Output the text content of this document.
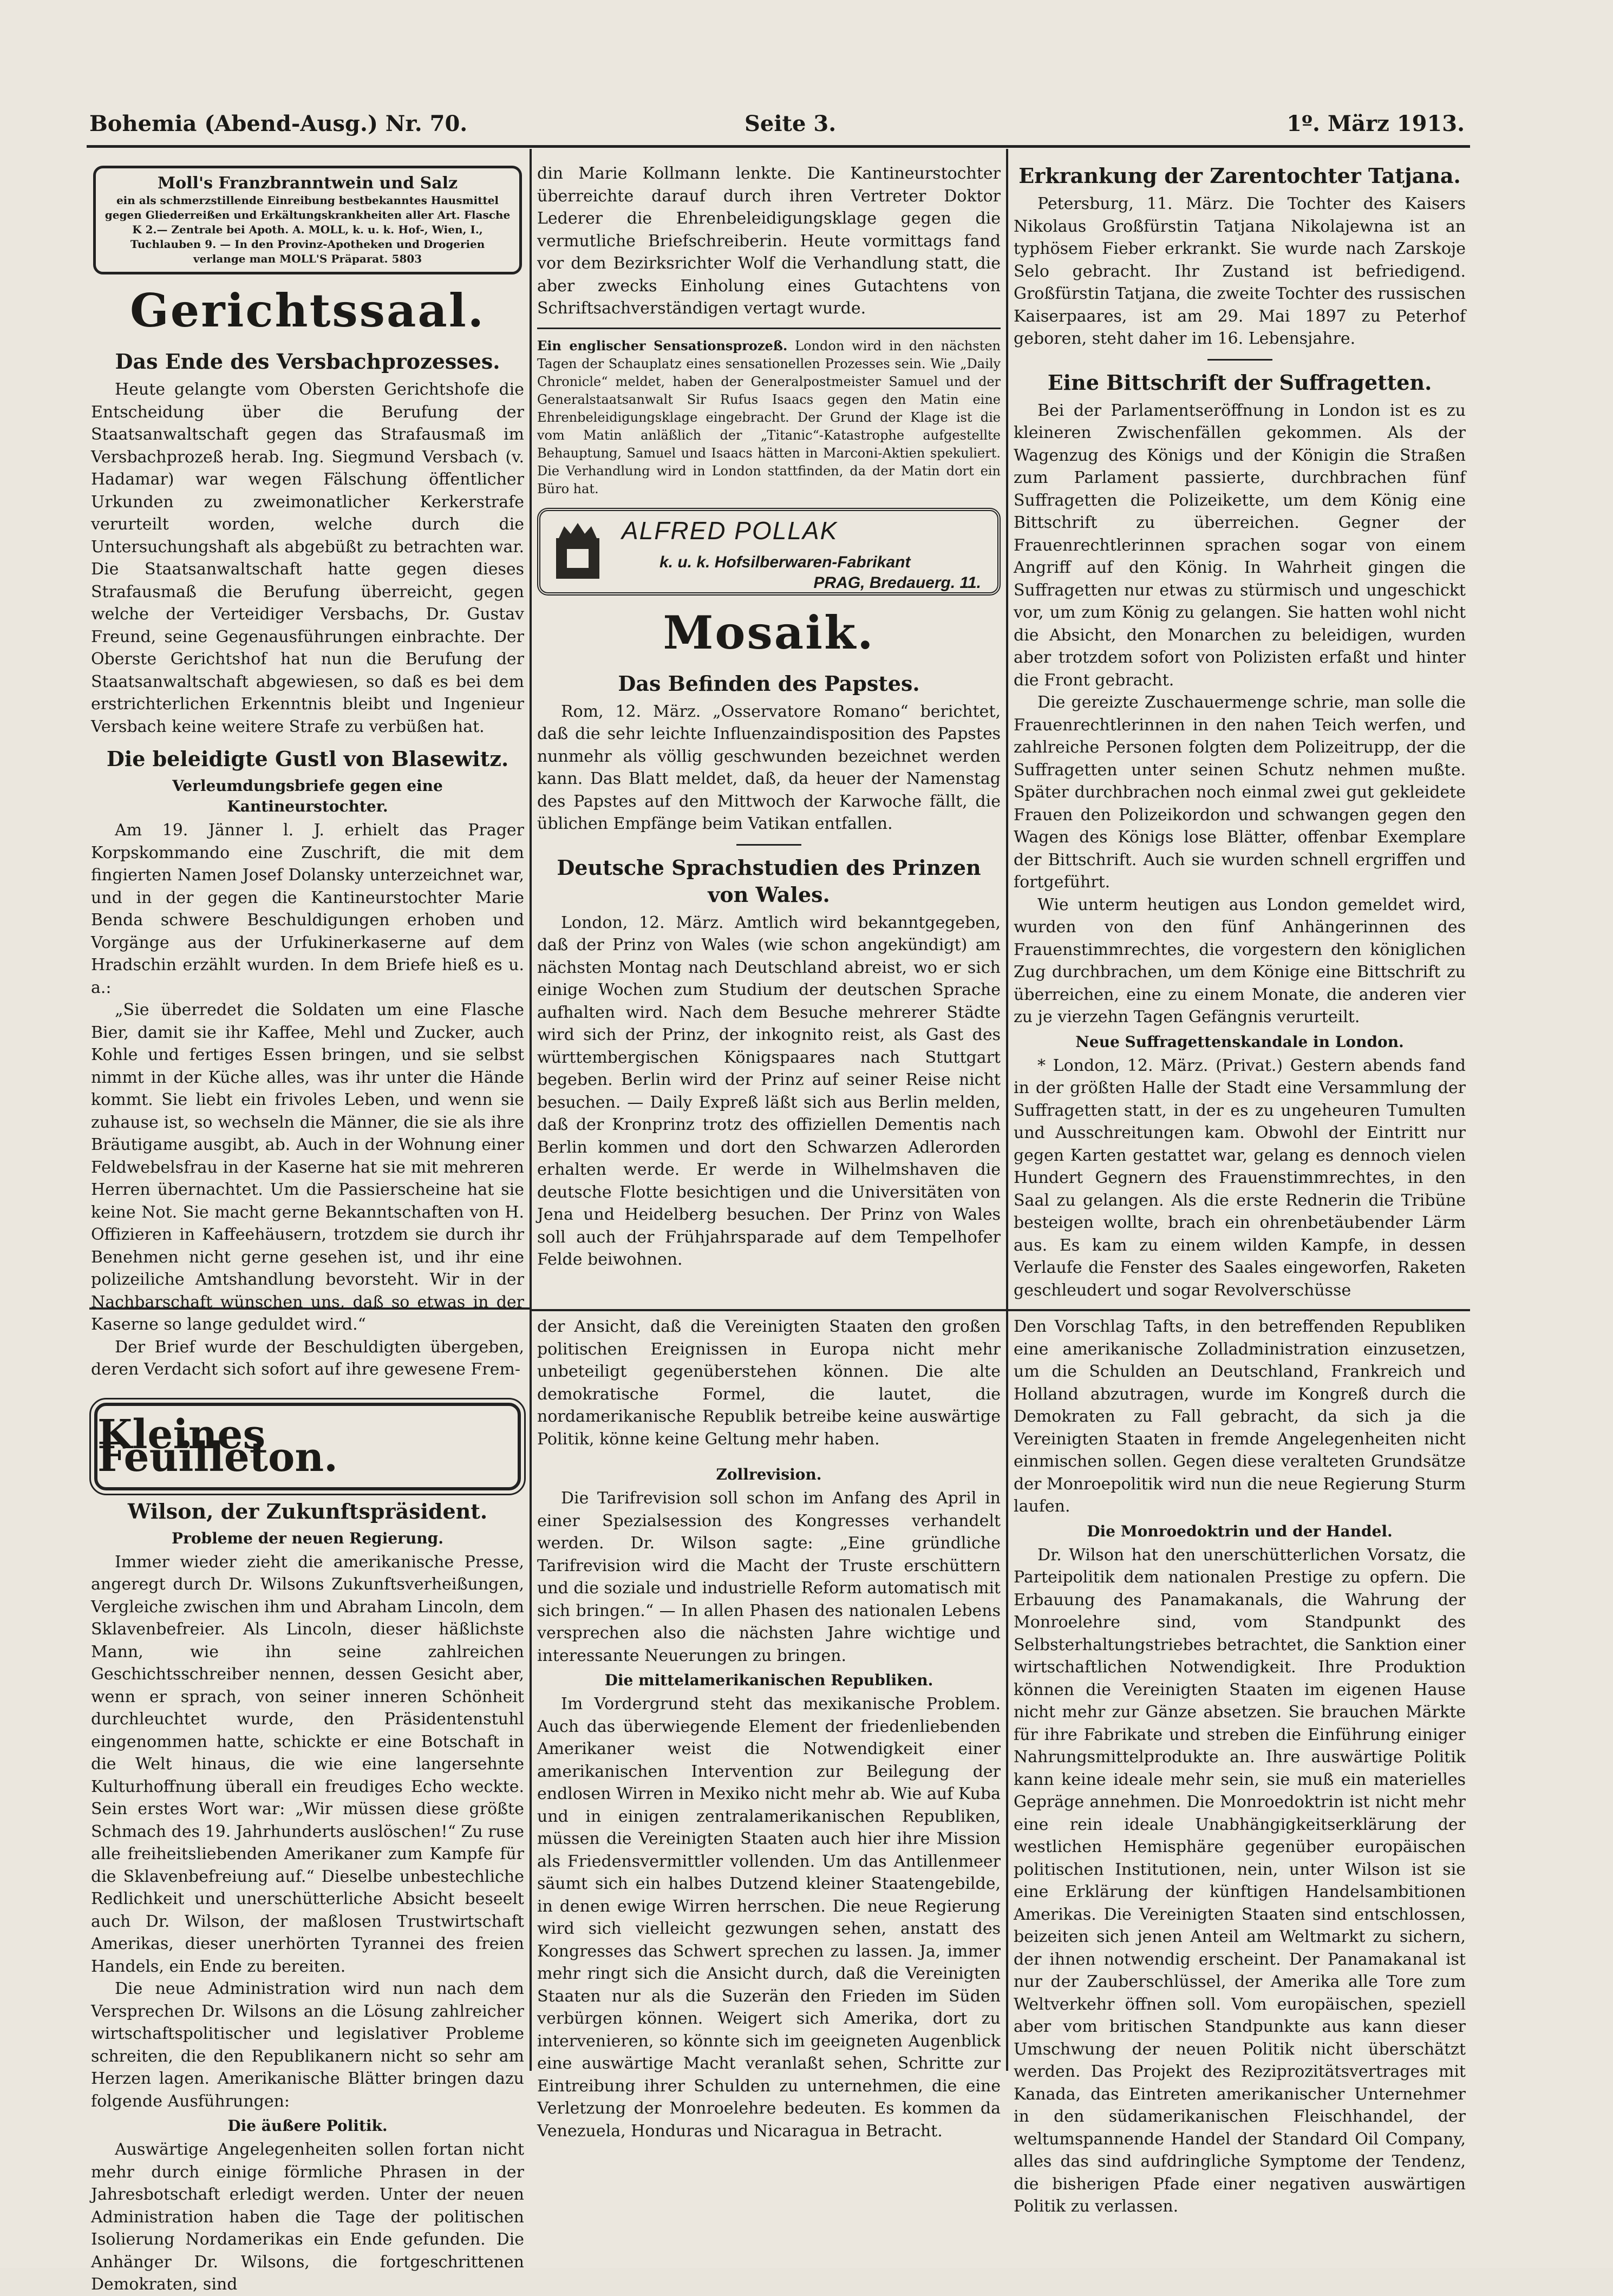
Bohemia (Abend-Ausg.) Nr. 70.	Seite 3.	1º. März 1913.
Moll's Franzbranntwein und Salz
ein als schmerzstillende Einreibung bestbekanntes Hausmittel gegen Gliederreißen und Erkältungskrankheiten aller Art. Flasche K 2.— Zentrale bei Apoth. A. MOLL, k. u. k. Hof-, Wien, I., Tuchlauben 9. — In den Provinz-Apotheken und Drogerien verlange man MOLL'S Präparat. 5803
Gerichtssaal.
Das Ende des Versbachprozesses.

Heute gelangte vom Obersten Gerichtshofe die Entscheidung über die Berufung der Staatsanwaltschaft gegen das Strafausmaß im Versbachprozeß herab. Ing. Siegmund Versbach (v. Hadamar) war wegen Fälschung öffentlicher Urkunden zu zweimonatlicher Kerkerstrafe verurteilt worden, welche durch die Untersuchungshaft als abgebüßt zu betrachten war. Die Staatsanwaltschaft hatte gegen dieses Strafausmaß die Berufung überreicht, gegen welche der Verteidiger Versbachs, Dr. Gustav Freund, seine Gegenausführungen einbrachte. Der Oberste Gerichtshof hat nun die Berufung der Staatsanwaltschaft abgewiesen, so daß es bei dem erstrichterlichen Erkenntnis bleibt und Ingenieur Versbach keine weitere Strafe zu verbüßen hat.

Die beleidigte Gustl von Blasewitz.
Verleumdungsbriefe gegen eine Kantineurstochter.

Am 19. Jänner l. J. erhielt das Prager Korpskommando eine Zuschrift, die mit dem fingierten Namen Josef Dolansky unterzeichnet war, und in der gegen die Kantineurstochter Marie Benda schwere Beschuldigungen erhoben und Vorgänge aus der Urfukinerkaserne auf dem Hradschin erzählt wurden. In dem Briefe hieß es u. a.:

„Sie überredet die Soldaten um eine Flasche Bier, damit sie ihr Kaffee, Mehl und Zucker, auch Kohle und fertiges Essen bringen, und sie selbst nimmt in der Küche alles, was ihr unter die Hände kommt. Sie liebt ein frivoles Leben, und wenn sie zuhause ist, so wechseln die Männer, die sie als ihre Bräutigame ausgibt, ab. Auch in der Wohnung einer Feldwebelsfrau in der Kaserne hat sie mit mehreren Herren übernachtet. Um die Passierscheine hat sie keine Not. Sie macht gerne Bekanntschaften von H. Offizieren in Kaffeehäusern, trotzdem sie durch ihr Benehmen nicht gerne gesehen ist, und ihr eine polizeiliche Amtshandlung bevorsteht. Wir in der Nachbarschaft wünschen uns, daß so etwas in der Kaserne so lange geduldet wird.“

Der Brief wurde der Beschuldigten übergeben, deren Verdacht sich sofort auf ihre gewesene Frem-

Kleines Feuilleton.
Wilson, der Zukunftspräsident.
Probleme der neuen Regierung.

Immer wieder zieht die amerikanische Presse, angeregt durch Dr. Wilsons Zukunftsverheißungen, Vergleiche zwischen ihm und Abraham Lincoln, dem Sklavenbefreier. Als Lincoln, dieser häßlichste Mann, wie ihn seine zahlreichen Geschichtsschreiber nennen, dessen Gesicht aber, wenn er sprach, von seiner inneren Schönheit durchleuchtet wurde, den Präsidentenstuhl eingenommen hatte, schickte er eine Botschaft in die Welt hinaus, die wie eine langersehnte Kulturhoffnung überall ein freudiges Echo weckte. Sein erstes Wort war: „Wir müssen diese größte Schmach des 19. Jahrhunderts auslöschen!“ Zu ruse alle freiheitsliebenden Amerikaner zum Kampfe für die Sklavenbefreiung auf.“ Dieselbe unbestechliche Redlichkeit und unerschütterliche Absicht beseelt auch Dr. Wilson, der maßlosen Trustwirtschaft Amerikas, dieser unerhörten Tyrannei des freien Handels, ein Ende zu bereiten.

Die neue Administration wird nun nach dem Versprechen Dr. Wilsons an die Lösung zahlreicher wirtschaftspolitischer und legislativer Probleme schreiten, die den Republikanern nicht so sehr am Herzen lagen. Amerikanische Blätter bringen dazu folgende Ausführungen:

Die äußere Politik.

Auswärtige Angelegenheiten sollen fortan nicht mehr durch einige förmliche Phrasen in der Jahresbotschaft erledigt werden. Unter der neuen Administration haben die Tage der politischen Isolierung Nordamerikas ein Ende gefunden. Die Anhänger Dr. Wilsons, die fortgeschrittenen Demokraten, sind

din Marie Kollmann lenkte. Die Kantineurstochter überreichte darauf durch ihren Vertreter Doktor Lederer die Ehrenbeleidigungsklage gegen die vermutliche Briefschreiberin. Heute vormittags fand vor dem Bezirksrichter Wolf die Verhandlung statt, die aber zwecks Einholung eines Gutachtens von Schriftsachverständigen vertagt wurde.

Ein englischer Sensationsprozeß. London wird in den nächsten Tagen der Schauplatz eines sensationellen Prozesses sein. Wie „Daily Chronicle“ meldet, haben der Generalpostmeister Samuel und der Generalstaatsanwalt Sir Rufus Isaacs gegen den Matin eine Ehrenbeleidigungsklage eingebracht. Der Grund der Klage ist die vom Matin anläßlich der „Titanic“-Katastrophe aufgestellte Behauptung, Samuel und Isaacs hätten in Marconi-Aktien spekuliert. Die Verhandlung wird in London stattfinden, da der Matin dort ein Büro hat.
ALFRED POLLAK
k. u. k. Hofsilberwaren-Fabrikant
PRAG, Bredauerg. 11.
Mosaik.
Das Befinden des Papstes.

Rom, 12. März. „Osservatore Romano“ berichtet, daß die sehr leichte Influenzaindisposition des Papstes nunmehr als völlig geschwunden bezeichnet werden kann. Das Blatt meldet, daß, da heuer der Namenstag des Papstes auf den Mittwoch der Karwoche fällt, die üblichen Empfänge beim Vatikan entfallen.

Deutsche Sprachstudien des Prinzen von Wales.

London, 12. März. Amtlich wird bekanntgegeben, daß der Prinz von Wales (wie schon angekündigt) am nächsten Montag nach Deutschland abreist, wo er sich einige Wochen zum Studium der deutschen Sprache aufhalten wird. Nach dem Besuche mehrerer Städte wird sich der Prinz, der inkognito reist, als Gast des württembergischen Königspaares nach Stuttgart begeben. Berlin wird der Prinz auf seiner Reise nicht besuchen. — Daily Expreß läßt sich aus Berlin melden, daß der Kronprinz trotz des offiziellen Dementis nach Berlin kommen und dort den Schwarzen Adlerorden erhalten werde. Er werde in Wilhelmshaven die deutsche Flotte besichtigen und die Universitäten von Jena und Heidelberg besuchen. Der Prinz von Wales soll auch der Frühjahrsparade auf dem Tempelhofer Felde beiwohnen.

der Ansicht, daß die Vereinigten Staaten den großen politischen Ereignissen in Europa nicht mehr unbeteiligt gegenüberstehen können. Die alte demokratische Formel, die lautet, die nordamerikanische Republik betreibe keine auswärtige Politik, könne keine Geltung mehr haben.

Zollrevision.

Die Tarifrevision soll schon im Anfang des April in einer Spezialsession des Kongresses verhandelt werden. Dr. Wilson sagte: „Eine gründliche Tarifrevision wird die Macht der Truste erschüttern und die soziale und industrielle Reform automatisch mit sich bringen.“ — In allen Phasen des nationalen Lebens versprechen also die nächsten Jahre wichtige und interessante Neuerungen zu bringen.

Die mittelamerikanischen Republiken.

Im Vordergrund steht das mexikanische Problem. Auch das überwiegende Element der friedenliebenden Amerikaner weist die Notwendigkeit einer amerikanischen Intervention zur Beilegung der endlosen Wirren in Mexiko nicht mehr ab. Wie auf Kuba und in einigen zentralamerikanischen Republiken, müssen die Vereinigten Staaten auch hier ihre Mission als Friedensvermittler vollenden. Um das Antillenmeer säumt sich ein halbes Dutzend kleiner Staatengebilde, in denen ewige Wirren herrschen. Die neue Regierung wird sich vielleicht gezwungen sehen, anstatt des Kongresses das Schwert sprechen zu lassen. Ja, immer mehr ringt sich die Ansicht durch, daß die Vereinigten Staaten nur als die Suzerän den Frieden im Süden verbürgen können. Weigert sich Amerika, dort zu intervenieren, so könnte sich im geeigneten Augenblick eine auswärtige Macht veranlaßt sehen, Schritte zur Eintreibung ihrer Schulden zu unternehmen, die eine Verletzung der Monroelehre bedeuten. Es kommen da Venezuela, Honduras und Nicaragua in Betracht.

Erkrankung der Zarentochter Tatjana.

Petersburg, 11. März. Die Tochter des Kaisers Nikolaus Großfürstin Tatjana Nikolajewna ist an typhösem Fieber erkrankt. Sie wurde nach Zarskoje Selo gebracht. Ihr Zustand ist befriedigend. Großfürstin Tatjana, die zweite Tochter des russischen Kaiserpaares, ist am 29. Mai 1897 zu Peterhof geboren, steht daher im 16. Lebensjahre.

Eine Bittschrift der Suffragetten.

Bei der Parlamentseröffnung in London ist es zu kleineren Zwischenfällen gekommen. Als der Wagenzug des Königs und der Königin die Straßen zum Parlament passierte, durchbrachen fünf Suffragetten die Polizeikette, um dem König eine Bittschrift zu überreichen. Gegner der Frauenrechtlerinnen sprachen sogar von einem Angriff auf den König. In Wahrheit gingen die Suffragetten nur etwas zu stürmisch und ungeschickt vor, um zum König zu gelangen. Sie hatten wohl nicht die Absicht, den Monarchen zu beleidigen, wurden aber trotzdem sofort von Polizisten erfaßt und hinter die Front gebracht.

Die gereizte Zuschauermenge schrie, man solle die Frauenrechtlerinnen in den nahen Teich werfen, und zahlreiche Personen folgten dem Polizeitrupp, der die Suffragetten unter seinen Schutz nehmen mußte. Später durchbrachen noch einmal zwei gut gekleidete Frauen den Polizeikordon und schwangen gegen den Wagen des Königs lose Blätter, offenbar Exemplare der Bittschrift. Auch sie wurden schnell ergriffen und fortgeführt.

Wie unterm heutigen aus London gemeldet wird, wurden von den fünf Anhängerinnen des Frauenstimmrechtes, die vorgestern den königlichen Zug durchbrachen, um dem Könige eine Bittschrift zu überreichen, eine zu einem Monate, die anderen vier zu je vierzehn Tagen Gefängnis verurteilt.

Neue Suffragettenskandale in London.

* London, 12. März. (Privat.) Gestern abends fand in der größten Halle der Stadt eine Versammlung der Suffragetten statt, in der es zu ungeheuren Tumulten und Ausschreitungen kam. Obwohl der Eintritt nur gegen Karten gestattet war, gelang es dennoch vielen Hundert Gegnern des Frauenstimmrechtes, in den Saal zu gelangen. Als die erste Rednerin die Tribüne besteigen wollte, brach ein ohrenbetäubender Lärm aus. Es kam zu einem wilden Kampfe, in dessen Verlaufe die Fenster des Saales eingeworfen, Raketen geschleudert und sogar Revolverschüsse

Den Vorschlag Tafts, in den betreffenden Republiken eine amerikanische Zolladministration einzusetzen, um die Schulden an Deutschland, Frankreich und Holland abzutragen, wurde im Kongreß durch die Demokraten zu Fall gebracht, da sich ja die Vereinigten Staaten in fremde Angelegenheiten nicht einmischen sollen. Gegen diese veralteten Grundsätze der Monroepolitik wird nun die neue Regierung Sturm laufen.

Die Monroedoktrin und der Handel.

Dr. Wilson hat den unerschütterlichen Vorsatz, die Parteipolitik dem nationalen Prestige zu opfern. Die Erbauung des Panamakanals, die Wahrung der Monroelehre sind, vom Standpunkt des Selbsterhaltungstriebes betrachtet, die Sanktion einer wirtschaftlichen Notwendigkeit. Ihre Produktion können die Vereinigten Staaten im eigenen Hause nicht mehr zur Gänze absetzen. Sie brauchen Märkte für ihre Fabrikate und streben die Einführung einiger Nahrungsmittelprodukte an. Ihre auswärtige Politik kann keine ideale mehr sein, sie muß ein materielles Gepräge annehmen. Die Monroedoktrin ist nicht mehr eine rein ideale Unabhängigkeitserklärung der westlichen Hemisphäre gegenüber europäischen politischen Institutionen, nein, unter Wilson ist sie eine Erklärung der künftigen Handelsambitionen Amerikas. Die Vereinigten Staaten sind entschlossen, beizeiten sich jenen Anteil am Weltmarkt zu sichern, der ihnen notwendig erscheint. Der Panamakanal ist nur der Zauberschlüssel, der Amerika alle Tore zum Weltverkehr öffnen soll. Vom europäischen, speziell aber vom britischen Standpunkte aus kann dieser Umschwung der neuen Politik nicht überschätzt werden. Das Projekt des Reziprozitätsvertrages mit Kanada, das Eintreten amerikanischer Unternehmer in den südamerikanischen Fleischhandel, der weltumspannende Handel der Standard Oil Company, alles das sind aufdringliche Symptome der Tendenz, die bisherigen Pfade einer negativen auswärtigen Politik zu verlassen.
